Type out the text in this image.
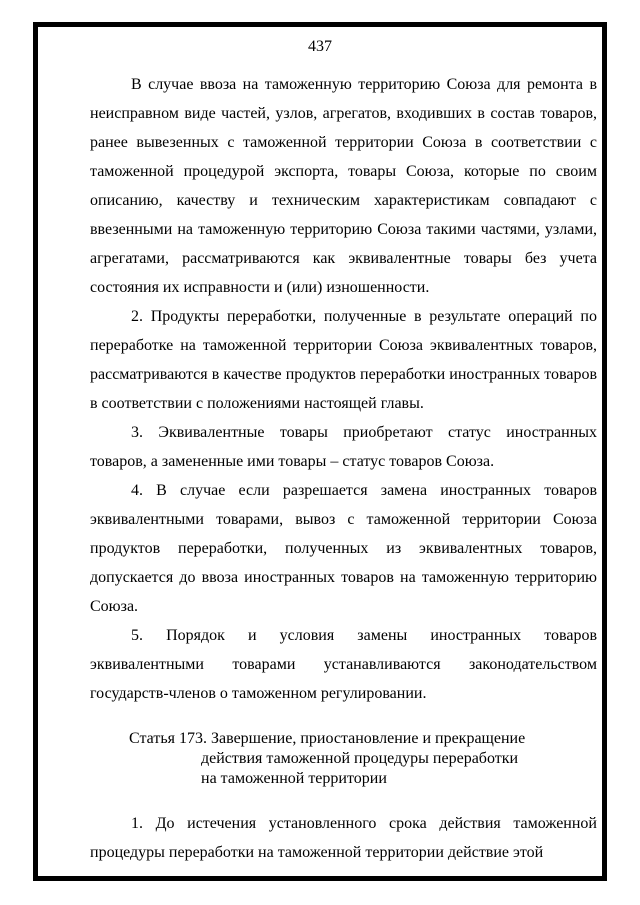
437

В случае ввоза на таможенную территорию Союза для ремонта в неисправном виде частей, узлов, агрегатов, входивших в состав товаров, ранее вывезенных с таможенной территории Союза в соответствии с таможенной процедурой экспорта, товары Союза, которые по своим описанию, качеству и техническим характеристикам совпадают с ввезенными на таможенную территорию Союза такими частями, узлами, агрегатами, рассматриваются как эквивалентные товары без учета состояния их исправности и (или) изношенности.

2. Продукты переработки, полученные в результате операций по переработке на таможенной территории Союза эквивалентных товаров, рассматриваются в качестве продуктов переработки иностранных товаров в соответствии с положениями настоящей главы.

3. Эквивалентные товары приобретают статус иностранных товаров, а замененные ими товары – статус товаров Союза.

4. В случае если разрешается замена иностранных товаров эквивалентными товарами, вывоз с таможенной территории Союза продуктов переработки, полученных из эквивалентных товаров, допускается до ввоза иностранных товаров на таможенную территорию Союза.

5. Порядок и условия замены иностранных товаров эквивалентными товарами устанавливаются законодательством государств-членов о таможенном регулировании.

Статья 173. Завершение, приостановление и прекращение
действия таможенной процедуры переработки
на таможенной территории

1. До истечения установленного срока действия таможенной процедуры переработки на таможенной территории действие этой
